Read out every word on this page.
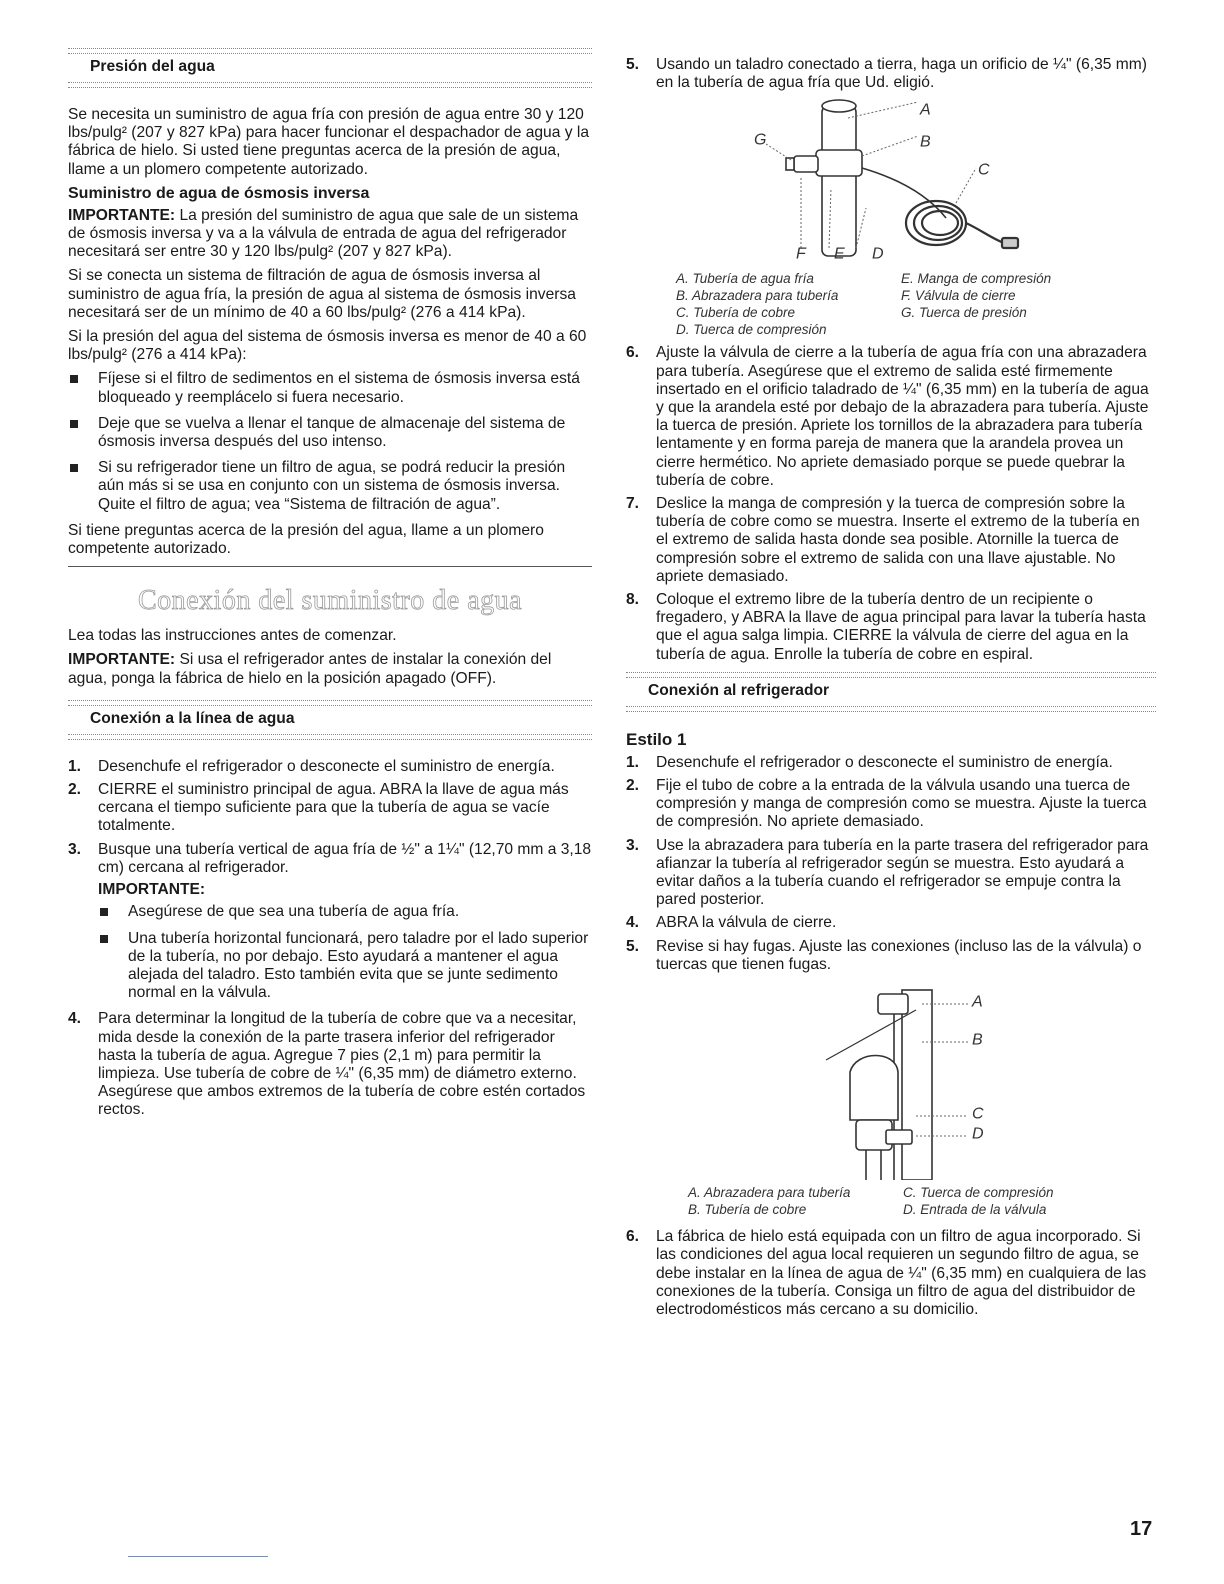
Presión del agua

Se necesita un suministro de agua fría con presión de agua entre 30 y 120 lbs/pulg² (207 y 827 kPa) para hacer funcionar el despachador de agua y la fábrica de hielo. Si usted tiene preguntas acerca de la presión de agua, llame a un plomero competente autorizado.

Suministro de agua de ósmosis inversa

IMPORTANTE: La presión del suministro de agua que sale de un sistema de ósmosis inversa y va a la válvula de entrada de agua del refrigerador necesitará ser entre 30 y 120 lbs/pulg² (207 y 827 kPa).

Si se conecta un sistema de filtración de agua de ósmosis inversa al suministro de agua fría, la presión de agua al sistema de ósmosis inversa necesitará ser de un mínimo de 40 a 60 lbs/pulg² (276 a 414 kPa).

Si la presión del agua del sistema de ósmosis inversa es menor de 40 a 60 lbs/pulg² (276 a 414 kPa):

Fíjese si el filtro de sedimentos en el sistema de ósmosis inversa está bloqueado y reemplácelo si fuera necesario.
Deje que se vuelva a llenar el tanque de almacenaje del sistema de ósmosis inversa después del uso intenso.
Si su refrigerador tiene un filtro de agua, se podrá reducir la presión aún más si se usa en conjunto con un sistema de ósmosis inversa. Quite el filtro de agua; vea “Sistema de filtración de agua”.

Si tiene preguntas acerca de la presión del agua, llame a un plomero competente autorizado.

Conexión del suministro de agua

Lea todas las instrucciones antes de comenzar.

IMPORTANTE: Si usa el refrigerador antes de instalar la conexión del agua, ponga la fábrica de hielo en la posición apagado (OFF).

Conexión a la línea de agua
1. Desenchufe el refrigerador o desconecte el suministro de energía.
2. CIERRE el suministro principal de agua. ABRA la llave de agua más cercana el tiempo suficiente para que la tubería de agua se vacíe totalmente.
3. Busque una tubería vertical de agua fría de ½" a 1¼" (12,70 mm a 3,18 cm) cercana al refrigerador.
IMPORTANTE:
Asegúrese de que sea una tubería de agua fría.
Una tubería horizontal funcionará, pero taladre por el lado superior de la tubería, no por debajo. Esto ayudará a mantener el agua alejada del taladro. Esto también evita que se junte sedimento normal en la válvula.
4. Para determinar la longitud de la tubería de cobre que va a necesitar, mida desde la conexión de la parte trasera inferior del refrigerador hasta la tubería de agua. Agregue 7 pies (2,1 m) para permitir la limpieza. Use tubería de cobre de ¼" (6,35 mm) de diámetro externo. Asegúrese que ambos extremos de la tubería de cobre estén cortados rectos.
5. Usando un taladro conectado a tierra, haga un orificio de ¼" (6,35 mm) en la tubería de agua fría que Ud. eligió.
A
B
C
D
E
F
G
A. Tubería de agua fría	E. Manga de compresión
B. Abrazadera para tubería	F. Válvula de cierre
C. Tubería de cobre	G. Tuerca de presión
D. Tuerca de compresión
6. Ajuste la válvula de cierre a la tubería de agua fría con una abrazadera para tubería. Asegúrese que el extremo de salida esté firmemente insertado en el orificio taladrado de ¼" (6,35 mm) en la tubería de agua y que la arandela esté por debajo de la abrazadera para tubería. Ajuste la tuerca de presión. Apriete los tornillos de la abrazadera para tubería lentamente y en forma pareja de manera que la arandela provea un cierre hermético. No apriete demasiado porque se puede quebrar la tubería de cobre.
7. Deslice la manga de compresión y la tuerca de compresión sobre la tubería de cobre como se muestra. Inserte el extremo de la tubería en el extremo de salida hasta donde sea posible. Atornille la tuerca de compresión sobre el extremo de salida con una llave ajustable. No apriete demasiado.
8. Coloque el extremo libre de la tubería dentro de un recipiente o fregadero, y ABRA la llave de agua principal para lavar la tubería hasta que el agua salga limpia. CIERRE la válvula de cierre del agua en la tubería de agua. Enrolle la tubería de cobre en espiral.
Conexión al refrigerador
Estilo 1
1. Desenchufe el refrigerador o desconecte el suministro de energía.
2. Fije el tubo de cobre a la entrada de la válvula usando una tuerca de compresión y manga de compresión como se muestra. Ajuste la tuerca de compresión. No apriete demasiado.
3. Use la abrazadera para tubería en la parte trasera del refrigerador para afianzar la tubería al refrigerador según se muestra. Esto ayudará a evitar daños a la tubería cuando el refrigerador se empuje contra la pared posterior.
4. ABRA la válvula de cierre.
5. Revise si hay fugas. Ajuste las conexiones (incluso las de la válvula) o tuercas que tienen fugas.
A
B
C
D
A. Abrazadera para tubería	C. Tuerca de compresión
B. Tubería de cobre	D. Entrada de la válvula
6. La fábrica de hielo está equipada con un filtro de agua incorporado. Si las condiciones del agua local requieren un segundo filtro de agua, se debe instalar en la línea de agua de ¼" (6,35 mm) en cualquiera de las conexiones de la tubería. Consiga un filtro de agua del distribuidor de electrodomésticos más cercano a su domicilio.
17
